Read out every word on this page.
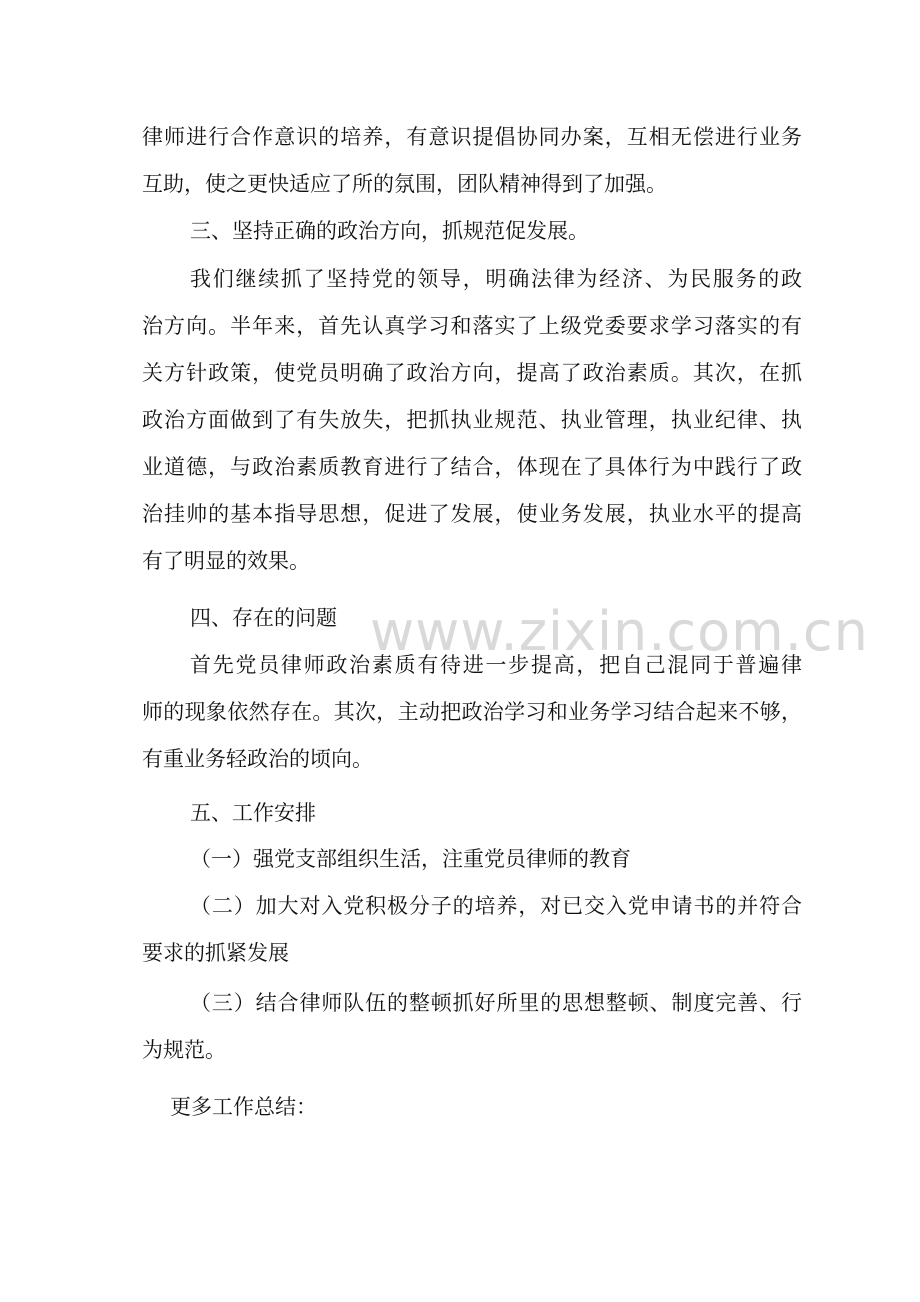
www.zixin.com.cn
律师进行合作意识的培养，有意识提倡协同办案，互相无偿进行业务
互助，使之更快适应了所的氛围，团队精神得到了加强。
三、坚持正确的政治方向，抓规范促发展。
我们继续抓了坚持党的领导，明确法律为经济、为民服务的政
治方向。半年来，首先认真学习和落实了上级党委要求学习落实的有
关方针政策，使党员明确了政治方向，提高了政治素质。其次，在抓
政治方面做到了有失放失，把抓执业规范、执业管理，执业纪律、执
业道德，与政治素质教育进行了结合，体现在了具体行为中践行了政
治挂帅的基本指导思想，促进了发展，使业务发展，执业水平的提高
有了明显的效果。
四、存在的问题
首先党员律师政治素质有待进一步提高，把自己混同于普遍律
师的现象依然存在。其次，主动把政治学习和业务学习结合起来不够，
有重业务轻政治的顷向。
五、工作安排
（一）强党支部组织生活，注重党员律师的教育
（二）加大对入党积极分子的培养，对已交入党申请书的并符合
要求的抓紧发展
（三）结合律师队伍的整顿抓好所里的思想整顿、制度完善、行
为规范。
更多工作总结：
